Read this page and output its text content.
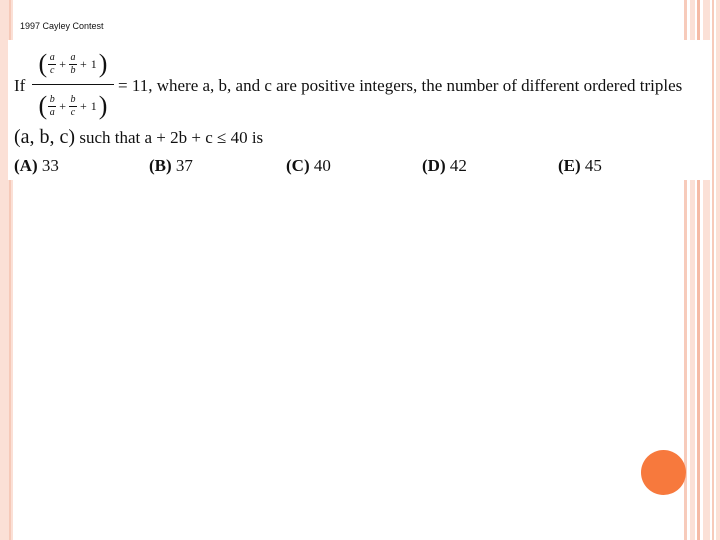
1997 Cayley Contest
If
( a
c + a
b + 1 )
( b
a + b
c + 1 )
= 11, where a, b, and c are positive integers, the number of different ordered triples
(a, b, c) such that a + 2b + c ≤ 40 is
(A) 33	(B) 37	(C) 40	(D) 42	(E) 45
